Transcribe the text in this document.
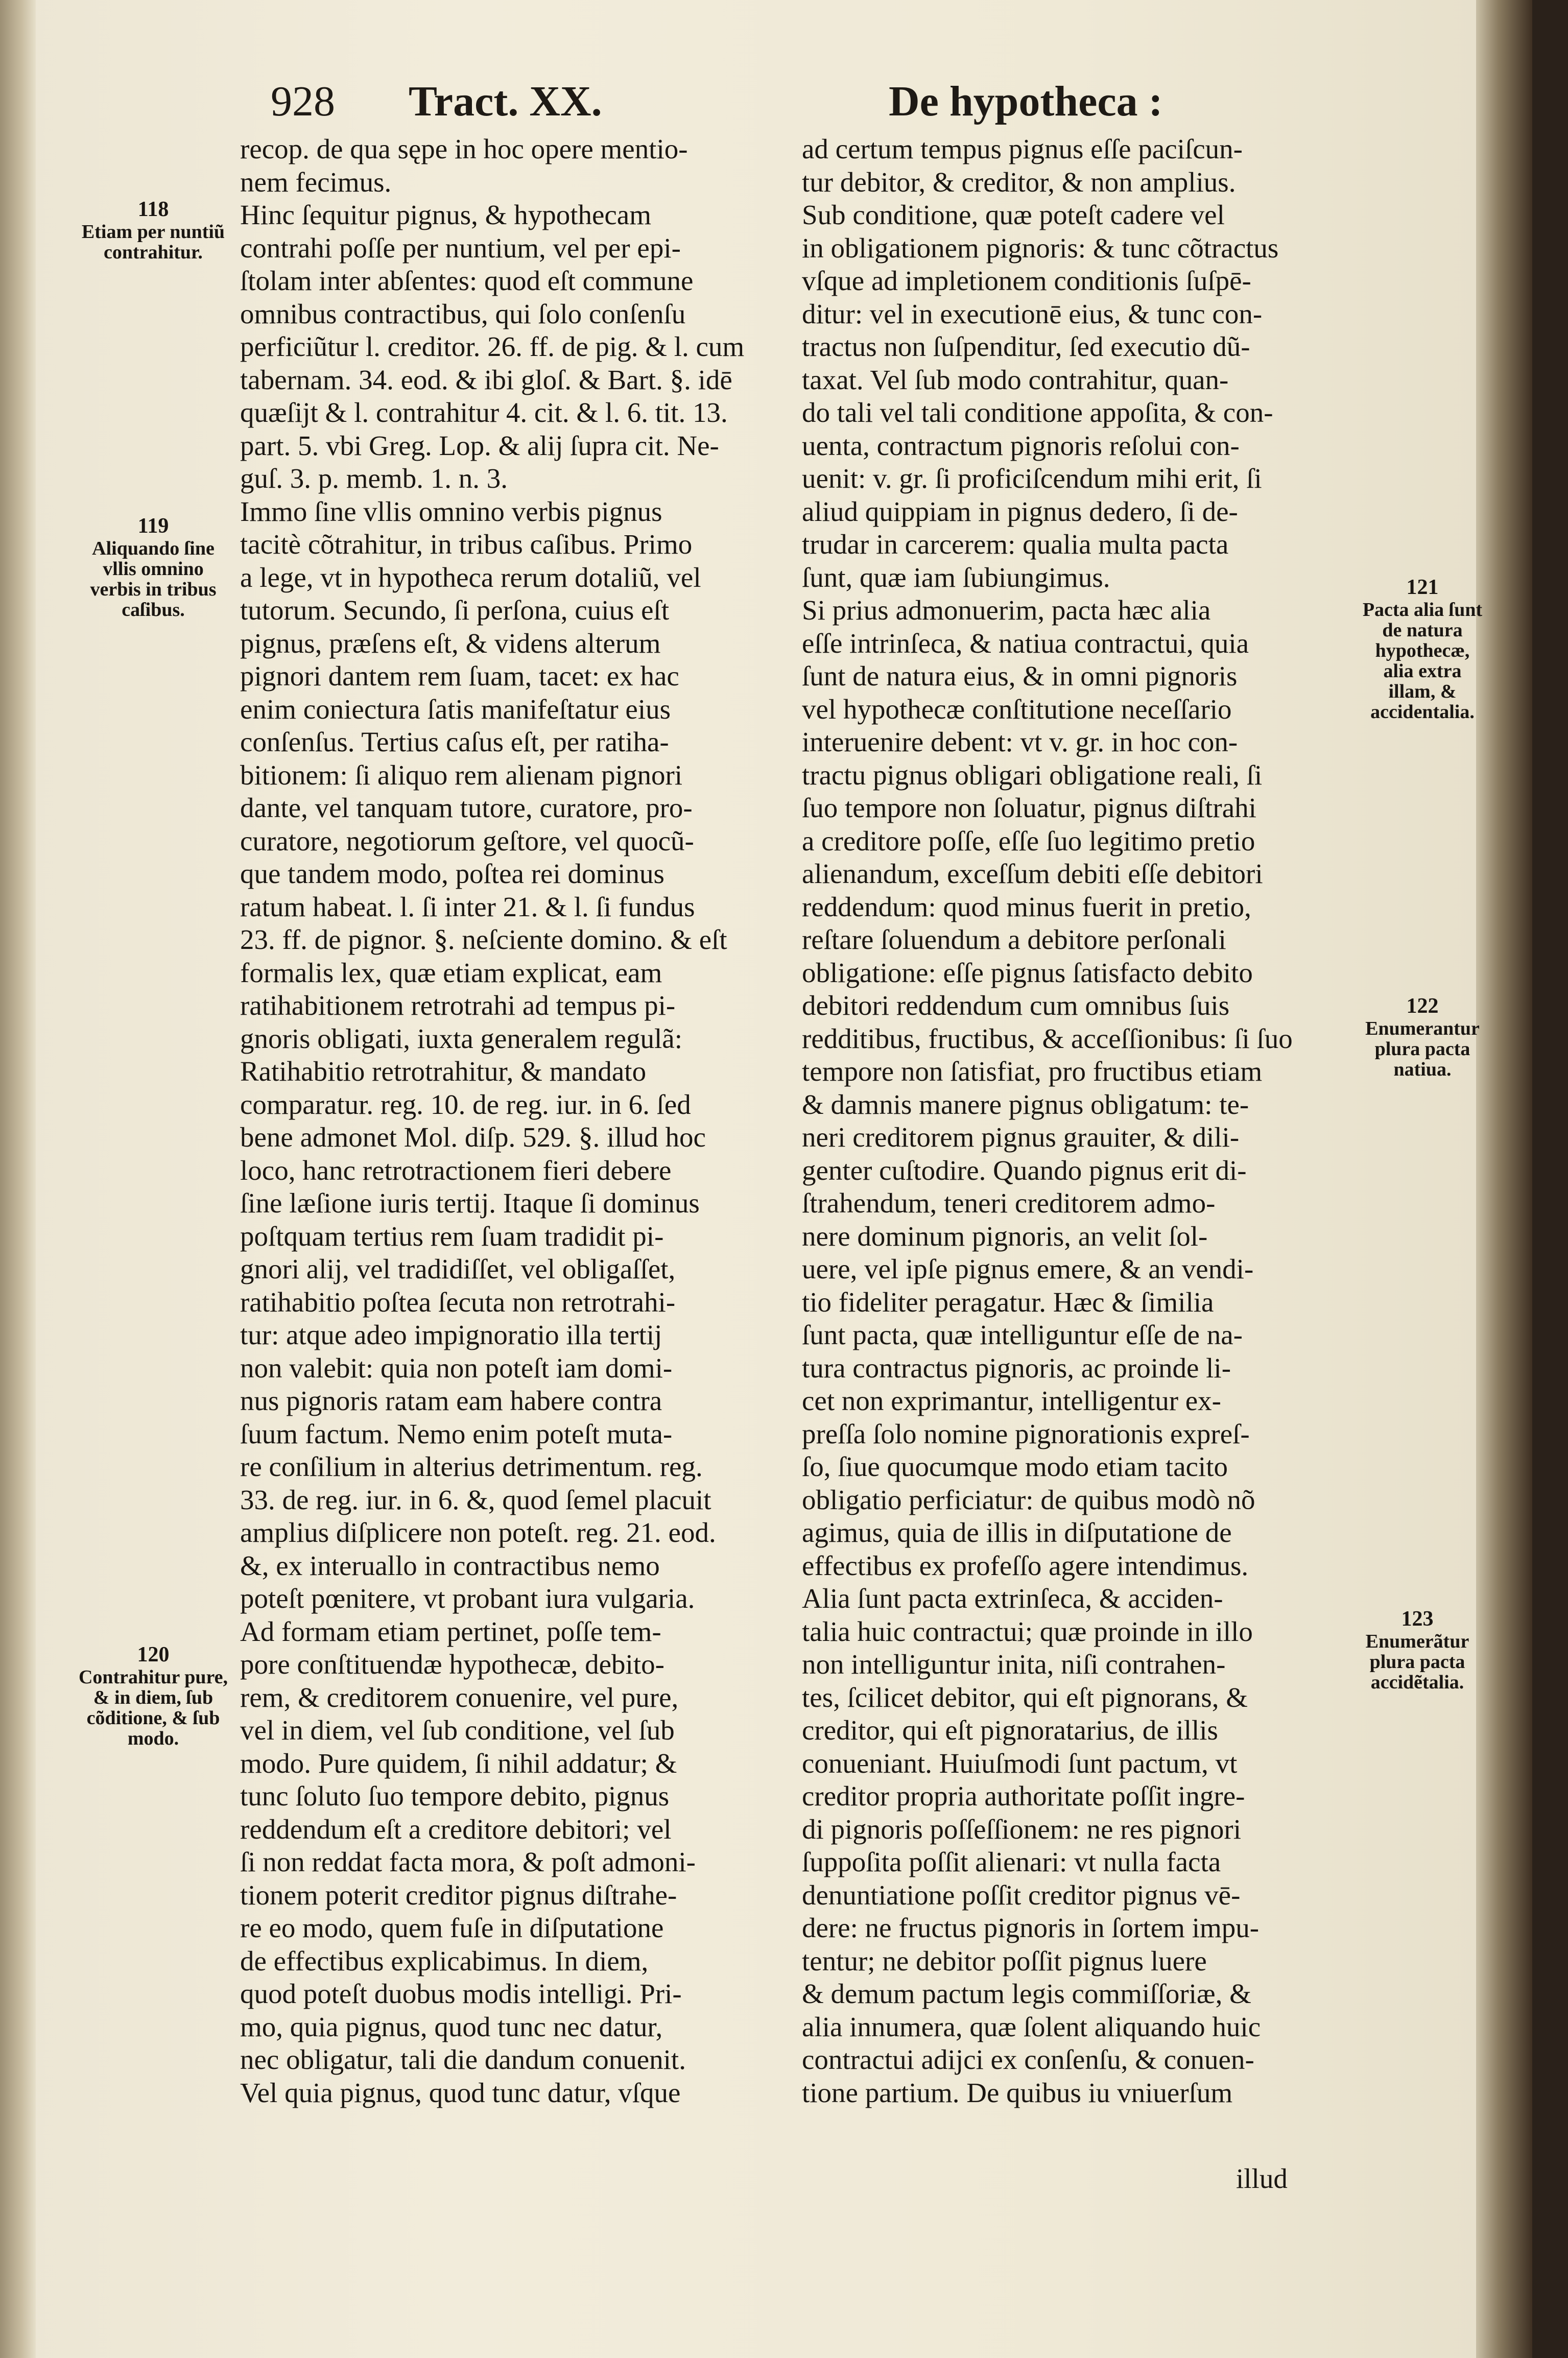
928 Tract. XX.	De hypotheca :
recop. de qua sępe in hoc opere mentio-
nem fecimus.
Hinc ſequitur pignus, & hypothecam
contrahi poſſe per nuntium, vel per epi-
ſtolam inter abſentes: quod eſt commune
omnibus contractibus, qui ſolo conſenſu
perficiũtur l. creditor. 26. ff. de pig. & l. cum
tabernam. 34. eod. & ibi gloſ. & Bart. §. idē
quæſijt & l. contrahitur 4. cit. & l. 6. tit. 13.
part. 5. vbi Greg. Lop. & alij ſupra cit. Ne-
guſ. 3. p. memb. 1. n. 3.
Immo ſine vllis omnino verbis pignus
tacitè cõtrahitur, in tribus caſibus. Primo
a lege, vt in hypotheca rerum dotaliũ, vel
tutorum. Secundo, ſi perſona, cuius eſt
pignus, præſens eſt, & videns alterum
pignori dantem rem ſuam, tacet: ex hac
enim coniectura ſatis manifeſtatur eius
conſenſus. Tertius caſus eſt, per ratiha-
bitionem: ſi aliquo rem alienam pignori
dante, vel tanquam tutore, curatore, pro-
curatore, negotiorum geſtore, vel quocũ-
que tandem modo, poſtea rei dominus
ratum habeat. l. ſi inter 21. & l. ſi fundus
23. ff. de pignor. §. neſciente domino. & eſt
formalis lex, quæ etiam explicat, eam
ratihabitionem retrotrahi ad tempus pi-
gnoris obligati, iuxta generalem regulã:
Ratihabitio retrotrahitur, & mandato
comparatur. reg. 10. de reg. iur. in 6. ſed
bene admonet Mol. diſp. 529. §. illud hoc
loco, hanc retrotractionem fieri debere
ſine læſione iuris tertij. Itaque ſi dominus
poſtquam tertius rem ſuam tradidit pi-
gnori alij, vel tradidiſſet, vel obligaſſet,
ratihabitio poſtea ſecuta non retrotrahi-
tur: atque adeo impignoratio illa tertij
non valebit: quia non poteſt iam domi-
nus pignoris ratam eam habere contra
ſuum factum. Nemo enim poteſt muta-
re conſilium in alterius detrimentum. reg.
33. de reg. iur. in 6. &, quod ſemel placuit
amplius diſplicere non poteſt. reg. 21. eod.
&, ex interuallo in contractibus nemo
poteſt pœnitere, vt probant iura vulgaria.
Ad formam etiam pertinet, poſſe tem-
pore conſtituendæ hypothecæ, debito-
rem, & creditorem conuenire, vel pure,
vel in diem, vel ſub conditione, vel ſub
modo. Pure quidem, ſi nihil addatur; &
tunc ſoluto ſuo tempore debito, pignus
reddendum eſt a creditore debitori; vel
ſi non reddat facta mora, & poſt admoni-
tionem poterit creditor pignus diſtrahe-
re eo modo, quem fuſe in diſputatione
de effectibus explicabimus. In diem,
quod poteſt duobus modis intelligi. Pri-
mo, quia pignus, quod tunc nec datur,
nec obligatur, tali die dandum conuenit.
Vel quia pignus, quod tunc datur, vſque
ad certum tempus pignus eſſe paciſcun-
tur debitor, & creditor, & non amplius.
Sub conditione, quæ poteſt cadere vel
in obligationem pignoris: & tunc cõtractus
vſque ad impletionem conditionis ſuſpē-
ditur: vel in executionē eius, & tunc con-
tractus non ſuſpenditur, ſed executio dũ-
taxat. Vel ſub modo contrahitur, quan-
do tali vel tali conditione appoſita, & con-
uenta, contractum pignoris reſolui con-
uenit: v. gr. ſi proficiſcendum mihi erit, ſi
aliud quippiam in pignus dedero, ſi de-
trudar in carcerem: qualia multa pacta
ſunt, quæ iam ſubiungimus.
Si prius admonuerim, pacta hæc alia
eſſe intrinſeca, & natiua contractui, quia
ſunt de natura eius, & in omni pignoris
vel hypothecæ conſtitutione neceſſario
interuenire debent: vt v. gr. in hoc con-
tractu pignus obligari obligatione reali, ſi
ſuo tempore non ſoluatur, pignus diſtrahi
a creditore poſſe, eſſe ſuo legitimo pretio
alienandum, exceſſum debiti eſſe debitori
reddendum: quod minus fuerit in pretio,
reſtare ſoluendum a debitore perſonali
obligatione: eſſe pignus ſatisfacto debito
debitori reddendum cum omnibus ſuis
redditibus, fructibus, & acceſſionibus: ſi ſuo
tempore non ſatisfiat, pro fructibus etiam
& damnis manere pignus obligatum: te-
neri creditorem pignus grauiter, & dili-
genter cuſtodire. Quando pignus erit di-
ſtrahendum, teneri creditorem admo-
nere dominum pignoris, an velit ſol-
uere, vel ipſe pignus emere, & an vendi-
tio fideliter peragatur. Hæc & ſimilia
ſunt pacta, quæ intelliguntur eſſe de na-
tura contractus pignoris, ac proinde li-
cet non exprimantur, intelligentur ex-
preſſa ſolo nomine pignorationis expreſ-
ſo, ſiue quocumque modo etiam tacito
obligatio perficiatur: de quibus modò nõ
agimus, quia de illis in diſputatione de
effectibus ex profeſſo agere intendimus.
Alia ſunt pacta extrinſeca, & acciden-
talia huic contractui; quæ proinde in illo
non intelliguntur inita, niſi contrahen-
tes, ſcilicet debitor, qui eſt pignorans, &
creditor, qui eſt pignoratarius, de illis
conueniant. Huiuſmodi ſunt pactum, vt
creditor propria authoritate poſſit ingre-
di pignoris poſſeſſionem: ne res pignori
ſuppoſita poſſit alienari: vt nulla facta
denuntiatione poſſit creditor pignus vē-
dere: ne fructus pignoris in ſortem impu-
tentur; ne debitor poſſit pignus luere
& demum pactum legis commiſſoriæ, &
alia innumera, quæ ſolent aliquando huic
contractui adijci ex conſenſu, & conuen-
tione partium. De quibus iu vniuerſum
118
Etiam per nuntiũ contrahitur.
119
Aliquando ſine vllis omnino verbis in tribus caſibus.
120
Contrahitur pure, & in diem, ſub cõditione, & ſub modo.
121
Pacta alia ſunt de natura hypothecæ, alia extra illam, & accidentalia.
122
Enumerantur plura pacta natiua.
123
Enumerãtur plura pacta accidẽtalia.
illud
